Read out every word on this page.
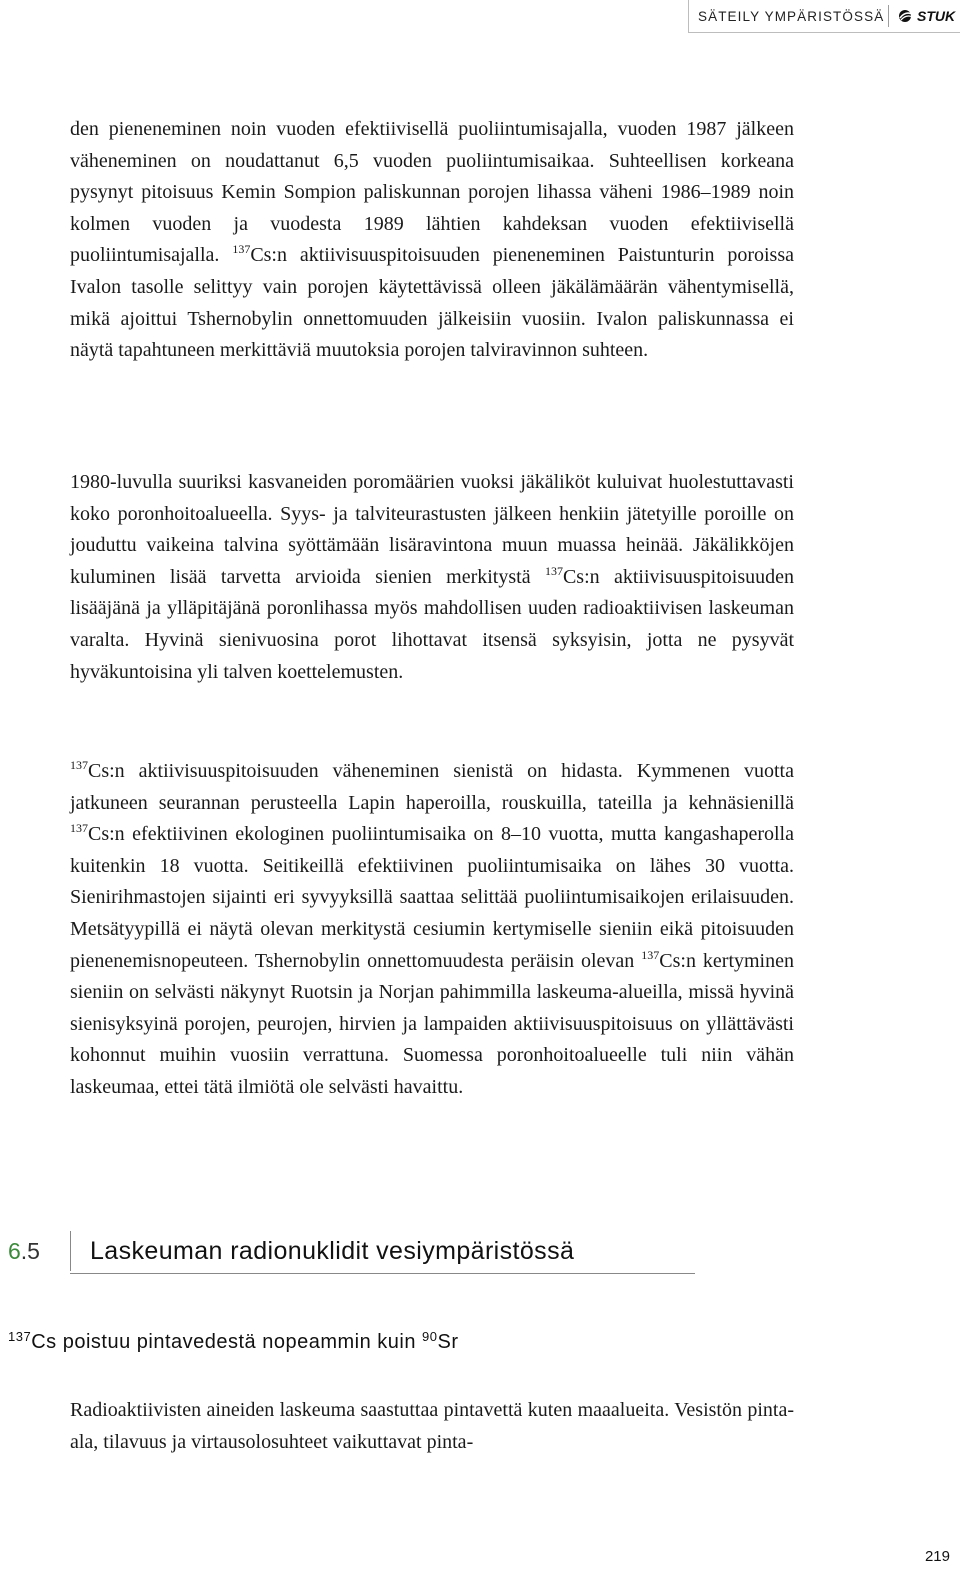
SÄTEILY YMPÄRISTÖSSÄ STUK

den pieneneminen noin vuoden efektiivisellä puoliintumisajalla, vuoden 1987 jälkeen väheneminen on noudattanut 6,5 vuoden puoliintumisaikaa. Suhteellisen korkeana pysynyt pitoisuus Kemin Sompion paliskunnan porojen lihassa väheni 1986–1989 noin kolmen vuoden ja vuodesta 1989 lähtien kahdeksan vuoden efektiivisellä puoliintumisajalla. $^{137}$Cs:n aktiivisuuspitoisuuden pieneneminen Paistunturin poroissa Ivalon tasolle selittyy vain porojen käytettävissä olleen jäkälämäärän vähentymisellä, mikä ajoittui Tshernobylin onnettomuuden jälkeisiin vuosiin. Ivalon paliskunnassa ei näytä tapahtuneen merkittäviä muutoksia porojen talviravinnon suhteen.

1980-luvulla suuriksi kasvaneiden poromäärien vuoksi jäkäliköt kuluivat huolestuttavasti koko poronhoitoalueella. Syys- ja talviteurastusten jälkeen henkiin jätetyille poroille on jouduttu vaikeina talvina syöttämään lisäravintona muun muassa heinää. Jäkälikköjen kuluminen lisää tarvetta arvioida sienien merkitystä $^{137}$Cs:n aktiivisuuspitoisuuden lisääjänä ja ylläpitäjänä poronlihassa myös mahdollisen uuden radioaktiivisen laskeuman varalta. Hyvinä sienivuosina porot lihottavat itsensä syksyisin, jotta ne pysyvät hyväkuntoisina yli talven koettelemusten.

$^{137}$Cs:n aktiivisuuspitoisuuden väheneminen sienistä on hidasta. Kymmenen vuotta jatkuneen seurannan perusteella Lapin haperoilla, rouskuilla, tateilla ja kehnäsienillä $^{137}$Cs:n efektiivinen ekologinen puoliintumisaika on 8–10 vuotta, mutta kangashaperolla kuitenkin 18 vuotta. Seitikeillä efektiivinen puoliintumisaika on lähes 30 vuotta. Sienirihmastojen sijainti eri syvyyksillä saattaa selittää puoliintumisaikojen erilaisuuden. Metsätyypillä ei näytä olevan merkitystä cesiumin kertymiselle sieniin eikä pitoisuuden pienenemisnopeuteen. Tshernobylin onnettomuudesta peräisin olevan $^{137}$Cs:n kertyminen sieniin on selvästi näkynyt Ruotsin ja Norjan pahimmilla laskeuma-alueilla, missä hyvinä sienisyksyinä porojen, peurojen, hirvien ja lampaiden aktiivisuuspitoisuus on yllättävästi kohonnut muihin vuosiin verrattuna. Suomessa poronhoitoalueelle tuli niin vähän laskeumaa, ettei tätä ilmiötä ole selvästi havaittu.

6.5 Laskeuman radionuklidit vesiympäristössä
$^{137}$Cs poistuu pintavedestä nopeammin kuin $^{90}$Sr

Radioaktiivisten aineiden laskeuma saastuttaa pintavettä kuten maaalueita. Vesistön pinta-ala, tilavuus ja virtausolosuhteet vaikuttavat pinta-

219
